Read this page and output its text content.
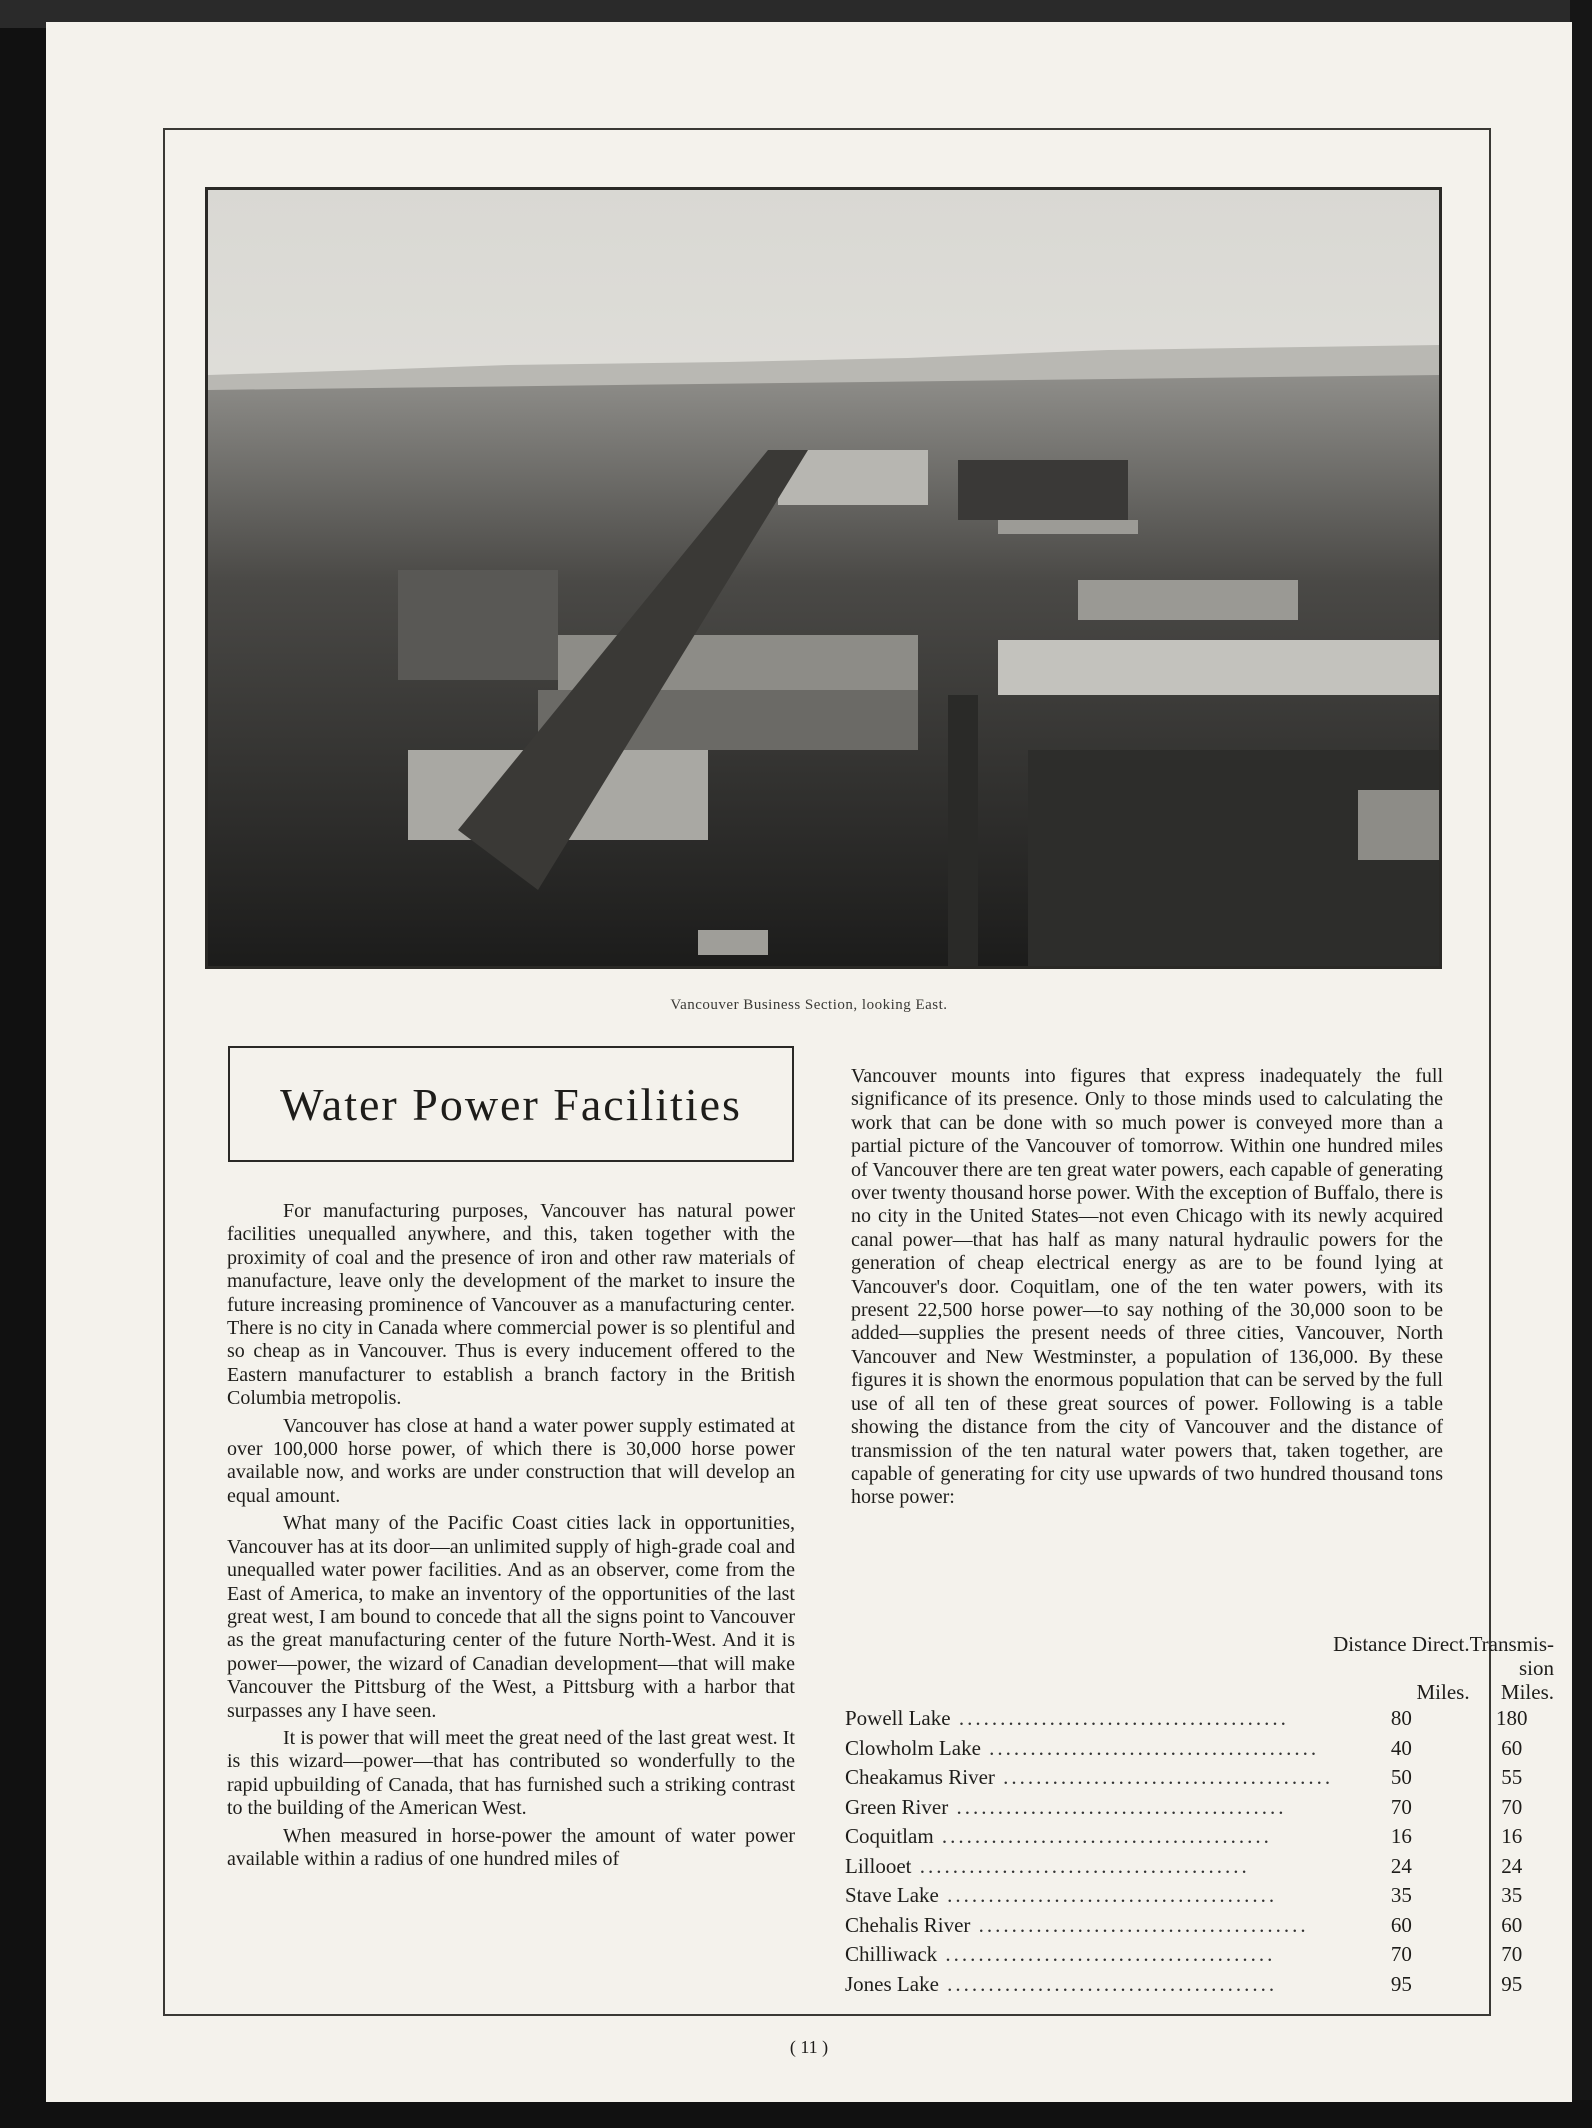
Vancouver Business Section, looking East.
Water Power Facilities

For manufacturing purposes, Vancouver has natural power facilities unequalled anywhere, and this, taken together with the proximity of coal and the presence of iron and other raw materials of manufacture, leave only the development of the market to insure the future increasing prominence of Vancouver as a manufacturing center. There is no city in Canada where commercial power is so plentiful and so cheap as in Vancouver. Thus is every inducement offered to the Eastern manufacturer to establish a branch factory in the British Columbia metropolis.

Vancouver has close at hand a water power supply estimated at over 100,000 horse power, of which there is 30,000 horse power available now, and works are under construction that will develop an equal amount.

What many of the Pacific Coast cities lack in opportunities, Vancouver has at its door—an unlimited supply of high-grade coal and unequalled water power facilities. And as an observer, come from the East of America, to make an inventory of the opportunities of the last great west, I am bound to concede that all the signs point to Vancouver as the great manufacturing center of the future North-West. And it is power—power, the wizard of Canadian development—that will make Vancouver the Pittsburg of the West, a Pittsburg with a harbor that surpasses any I have seen.

It is power that will meet the great need of the last great west. It is this wizard—power—that has contributed so wonderfully to the rapid upbuilding of Canada, that has furnished such a striking contrast to the building of the American West.

When measured in horse-power the amount of water power available within a radius of one hundred miles of

Vancouver mounts into figures that express inadequately the full significance of its presence. Only to those minds used to calculating the work that can be done with so much power is conveyed more than a partial picture of the Vancouver of tomorrow. Within one hundred miles of Vancouver there are ten great water powers, each capable of generating over twenty thousand horse power. With the exception of Buffalo, there is no city in the United States—not even Chicago with its newly acquired canal power—that has half as many natural hydraulic powers for the generation of cheap electrical energy as are to be found lying at Vancouver's door. Coquitlam, one of the ten water powers, with its present 22,500 horse power—to say nothing of the 30,000 soon to be added—supplies the present needs of three cities, Vancouver, North Vancouver and New Westminster, a population of 136,000. By these figures it is shown the enormous population that can be served by the full use of all ten of these great sources of power. Following is a table showing the distance from the city of Vancouver and the distance of transmission of the ten natural water powers that, taken together, are capable of generating for city use upwards of two hundred thousand tons horse power:

	Distance Direct.	Transmis-
	Miles.	sion Miles.
Powell Lake ........................................	80	180
Clowholm Lake ........................................	40	60
Cheakamus River ........................................	50	55
Green River ........................................	70	70
Coquitlam ........................................	16	16
Lillooet ........................................	24	24
Stave Lake ........................................	35	35
Chehalis River ........................................	60	60
Chilliwack ........................................	70	70
Jones Lake ........................................	95	95
( 11 )
